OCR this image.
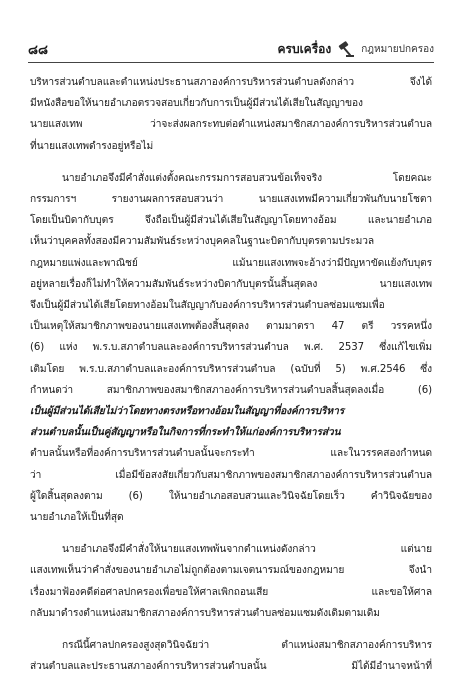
๘๘	ครบเครื่อง	กฎหมายปกครอง
บริหารส่วนตำบลและตำแหน่งประธานสภาองค์การบริหารส่วนตำบลดังกล่าว จึงได้
มีหนังสือขอให้นายอำเภอตรวจสอบเกี่ยวกับการเป็นผู้มีส่วนได้เสียในสัญญาของ
นายแสงเทพ ว่าจะส่งผลกระทบต่อตำแหน่งสมาชิกสภาองค์การบริหารส่วนตำบล
ที่นายแสงเทพดำรงอยู่หรือไม่
นายอำเภอจึงมีคำสั่งแต่งตั้งคณะกรรมการสอบสวนข้อเท็จจริง โดยคณะ
กรรมการฯ รายงานผลการสอบสวนว่า นายแสงเทพมีความเกี่ยวพันกับนายโชตา
โดยเป็นบิดากับบุตร จึงถือเป็นผู้มีส่วนได้เสียในสัญญาโดยทางอ้อม และนายอำเภอ
เห็นว่าบุคคลทั้งสองมีความสัมพันธ์ระหว่างบุคคลในฐานะบิดากับบุตรตามประมวล
กฎหมายแพ่งและพาณิชย์ แม้นายแสงเทพจะอ้างว่ามีปัญหาขัดแย้งกับบุตร
อยู่หลายเรื่องก็ไม่ทำให้ความสัมพันธ์ระหว่างบิดากับบุตรนั้นสิ้นสุดลง นายแสงเทพ
จึงเป็นผู้มีส่วนได้เสียโดยทางอ้อมในสัญญากับองค์การบริหารส่วนตำบลซ่อมแซมเพื่อ
เป็นเหตุให้สมาชิกภาพของนายแสงเทพต้องสิ้นสุดลง ตามมาตรา 47 ตรี วรรคหนึ่ง
(6) แห่ง พ.ร.บ.สภาตำบลและองค์การบริหารส่วนตำบล พ.ศ. 2537 ซึ่งแก้ไขเพิ่ม
เติมโดย พ.ร.บ.สภาตำบลและองค์การบริหารส่วนตำบล (ฉบับที่ 5) พ.ศ.2546 ซึ่ง
กำหนดว่า สมาชิกภาพของสมาชิกสภาองค์การบริหารส่วนตำบลสิ้นสุดลงเมื่อ (6)
เป็นผู้มีส่วนได้เสียไม่ว่าโดยทางตรงหรือทางอ้อมในสัญญาที่องค์การบริหาร
ส่วนตำบลนั้นเป็นคู่สัญญาหรือในกิจการที่กระทำให้แก่องค์การบริหารส่วน
ตำบลนั้นหรือที่องค์การบริหารส่วนตำบลนั้นจะกระทำ และในวรรคสองกำหนด
ว่า เมื่อมีข้อสงสัยเกี่ยวกับสมาชิกภาพของสมาชิกสภาองค์การบริหารส่วนตำบล
ผู้ใดสิ้นสุดลงตาม (6) ให้นายอำเภอสอบสวนและวินิจฉัยโดยเร็ว คำวินิจฉัยของ
นายอำเภอให้เป็นที่สุด
นายอำเภอจึงมีคำสั่งให้นายแสงเทพพ้นจากตำแหน่งดังกล่าว แต่นาย
แสงเทพเห็นว่าคำสั่งของนายอำเภอไม่ถูกต้องตามเจตนารมณ์ของกฎหมาย จึงนำ
เรื่องมาฟ้องคดีต่อศาลปกครองเพื่อขอให้ศาลเพิกถอนเสีย และขอให้ศาล
กลับมาดำรงตำแหน่งสมาชิกสภาองค์การบริหารส่วนตำบลซ่อมแซมดังเดิมตามเดิม
กรณีนี้ศาลปกครองสูงสุดวินิจฉัยว่า ตำแหน่งสมาชิกสภาองค์การบริหาร
ส่วนตำบลและประธานสภาองค์การบริหารส่วนตำบลนั้น มิได้มีอำนาจหน้าที่
